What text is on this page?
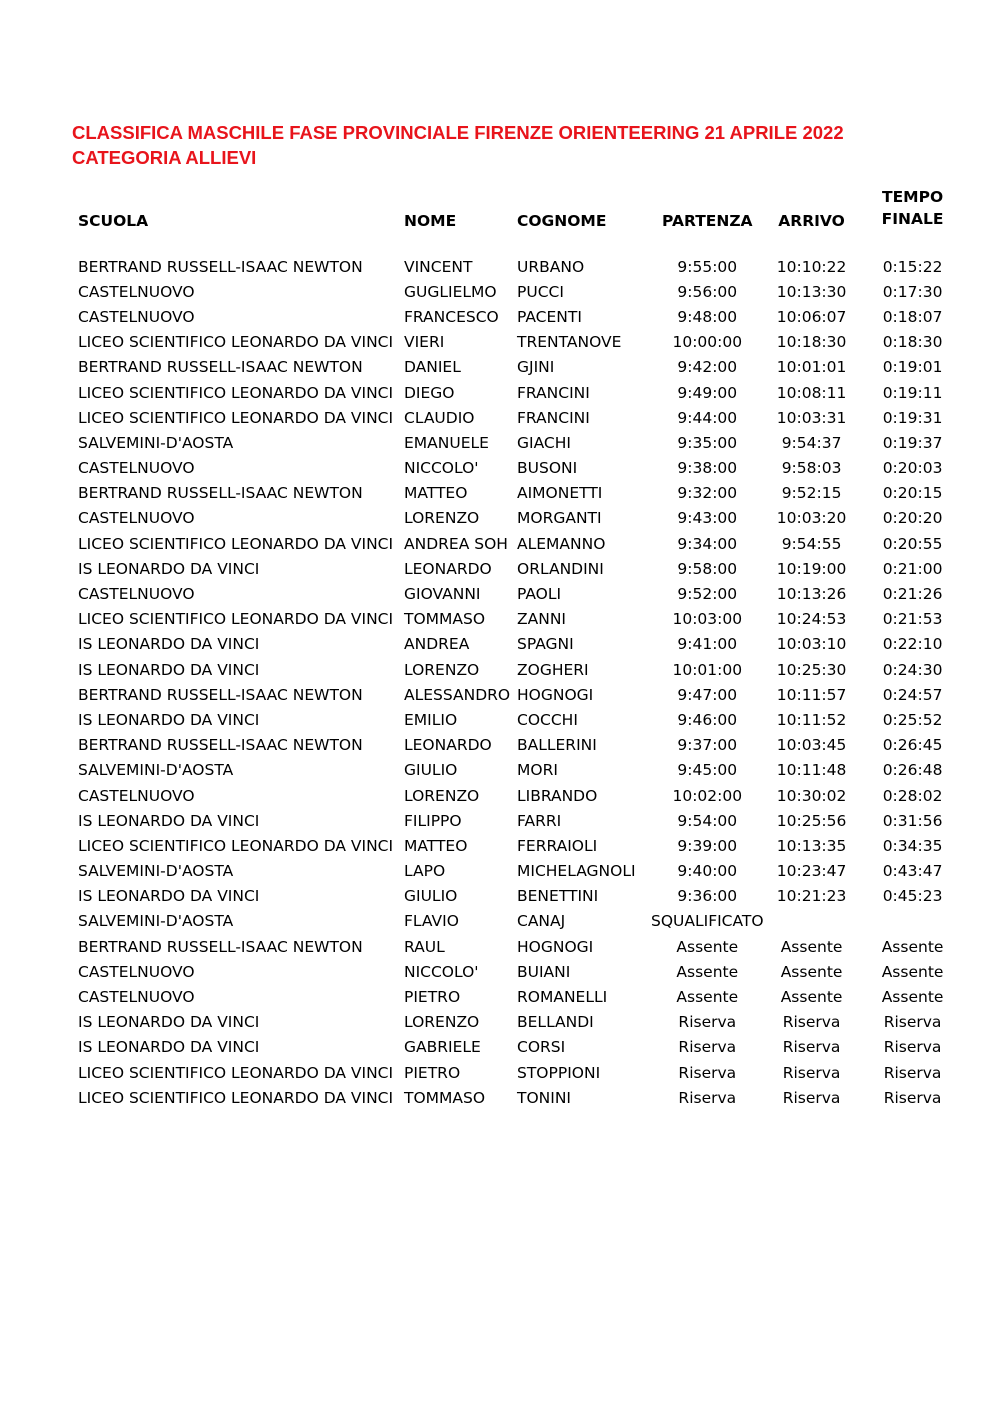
CLASSIFICA MASCHILE FASE PROVINCIALE FIRENZE ORIENTEERING 21 APRILE 2022
CATEGORIA ALLIEVI
SCUOLA	NOME	COGNOME	PARTENZA	ARRIVO	TEMPO
FINALE

BERTRAND RUSSELL-ISAAC NEWTON	VINCENT	URBANO	9:55:00	10:10:22	0:15:22
CASTELNUOVO	GUGLIELMO	PUCCI	9:56:00	10:13:30	0:17:30
CASTELNUOVO	FRANCESCO	PACENTI	9:48:00	10:06:07	0:18:07
LICEO SCIENTIFICO LEONARDO DA VINCI	VIERI	TRENTANOVE	10:00:00	10:18:30	0:18:30
BERTRAND RUSSELL-ISAAC NEWTON	DANIEL	GJINI	9:42:00	10:01:01	0:19:01
LICEO SCIENTIFICO LEONARDO DA VINCI	DIEGO	FRANCINI	9:49:00	10:08:11	0:19:11
LICEO SCIENTIFICO LEONARDO DA VINCI	CLAUDIO	FRANCINI	9:44:00	10:03:31	0:19:31
SALVEMINI-D'AOSTA	EMANUELE	GIACHI	9:35:00	9:54:37	0:19:37
CASTELNUOVO	NICCOLO'	BUSONI	9:38:00	9:58:03	0:20:03
BERTRAND RUSSELL-ISAAC NEWTON	MATTEO	AIMONETTI	9:32:00	9:52:15	0:20:15
CASTELNUOVO	LORENZO	MORGANTI	9:43:00	10:03:20	0:20:20
LICEO SCIENTIFICO LEONARDO DA VINCI	ANDREA SOH	ALEMANNO	9:34:00	9:54:55	0:20:55
IS LEONARDO DA VINCI	LEONARDO	ORLANDINI	9:58:00	10:19:00	0:21:00
CASTELNUOVO	GIOVANNI	PAOLI	9:52:00	10:13:26	0:21:26
LICEO SCIENTIFICO LEONARDO DA VINCI	TOMMASO	ZANNI	10:03:00	10:24:53	0:21:53
IS LEONARDO DA VINCI	ANDREA	SPAGNI	9:41:00	10:03:10	0:22:10
IS LEONARDO DA VINCI	LORENZO	ZOGHERI	10:01:00	10:25:30	0:24:30
BERTRAND RUSSELL-ISAAC NEWTON	ALESSANDRO	HOGNOGI	9:47:00	10:11:57	0:24:57
IS LEONARDO DA VINCI	EMILIO	COCCHI	9:46:00	10:11:52	0:25:52
BERTRAND RUSSELL-ISAAC NEWTON	LEONARDO	BALLERINI	9:37:00	10:03:45	0:26:45
SALVEMINI-D'AOSTA	GIULIO	MORI	9:45:00	10:11:48	0:26:48
CASTELNUOVO	LORENZO	LIBRANDO	10:02:00	10:30:02	0:28:02
IS LEONARDO DA VINCI	FILIPPO	FARRI	9:54:00	10:25:56	0:31:56
LICEO SCIENTIFICO LEONARDO DA VINCI	MATTEO	FERRAIOLI	9:39:00	10:13:35	0:34:35
SALVEMINI-D'AOSTA	LAPO	MICHELAGNOLI	9:40:00	10:23:47	0:43:47
IS LEONARDO DA VINCI	GIULIO	BENETTINI	9:36:00	10:21:23	0:45:23
SALVEMINI-D'AOSTA	FLAVIO	CANAJ	SQUALIFICATO		
BERTRAND RUSSELL-ISAAC NEWTON	RAUL	HOGNOGI	Assente	Assente	Assente
CASTELNUOVO	NICCOLO'	BUIANI	Assente	Assente	Assente
CASTELNUOVO	PIETRO	ROMANELLI	Assente	Assente	Assente
IS LEONARDO DA VINCI	LORENZO	BELLANDI	Riserva	Riserva	Riserva
IS LEONARDO DA VINCI	GABRIELE	CORSI	Riserva	Riserva	Riserva
LICEO SCIENTIFICO LEONARDO DA VINCI	PIETRO	STOPPIONI	Riserva	Riserva	Riserva
LICEO SCIENTIFICO LEONARDO DA VINCI	TOMMASO	TONINI	Riserva	Riserva	Riserva
